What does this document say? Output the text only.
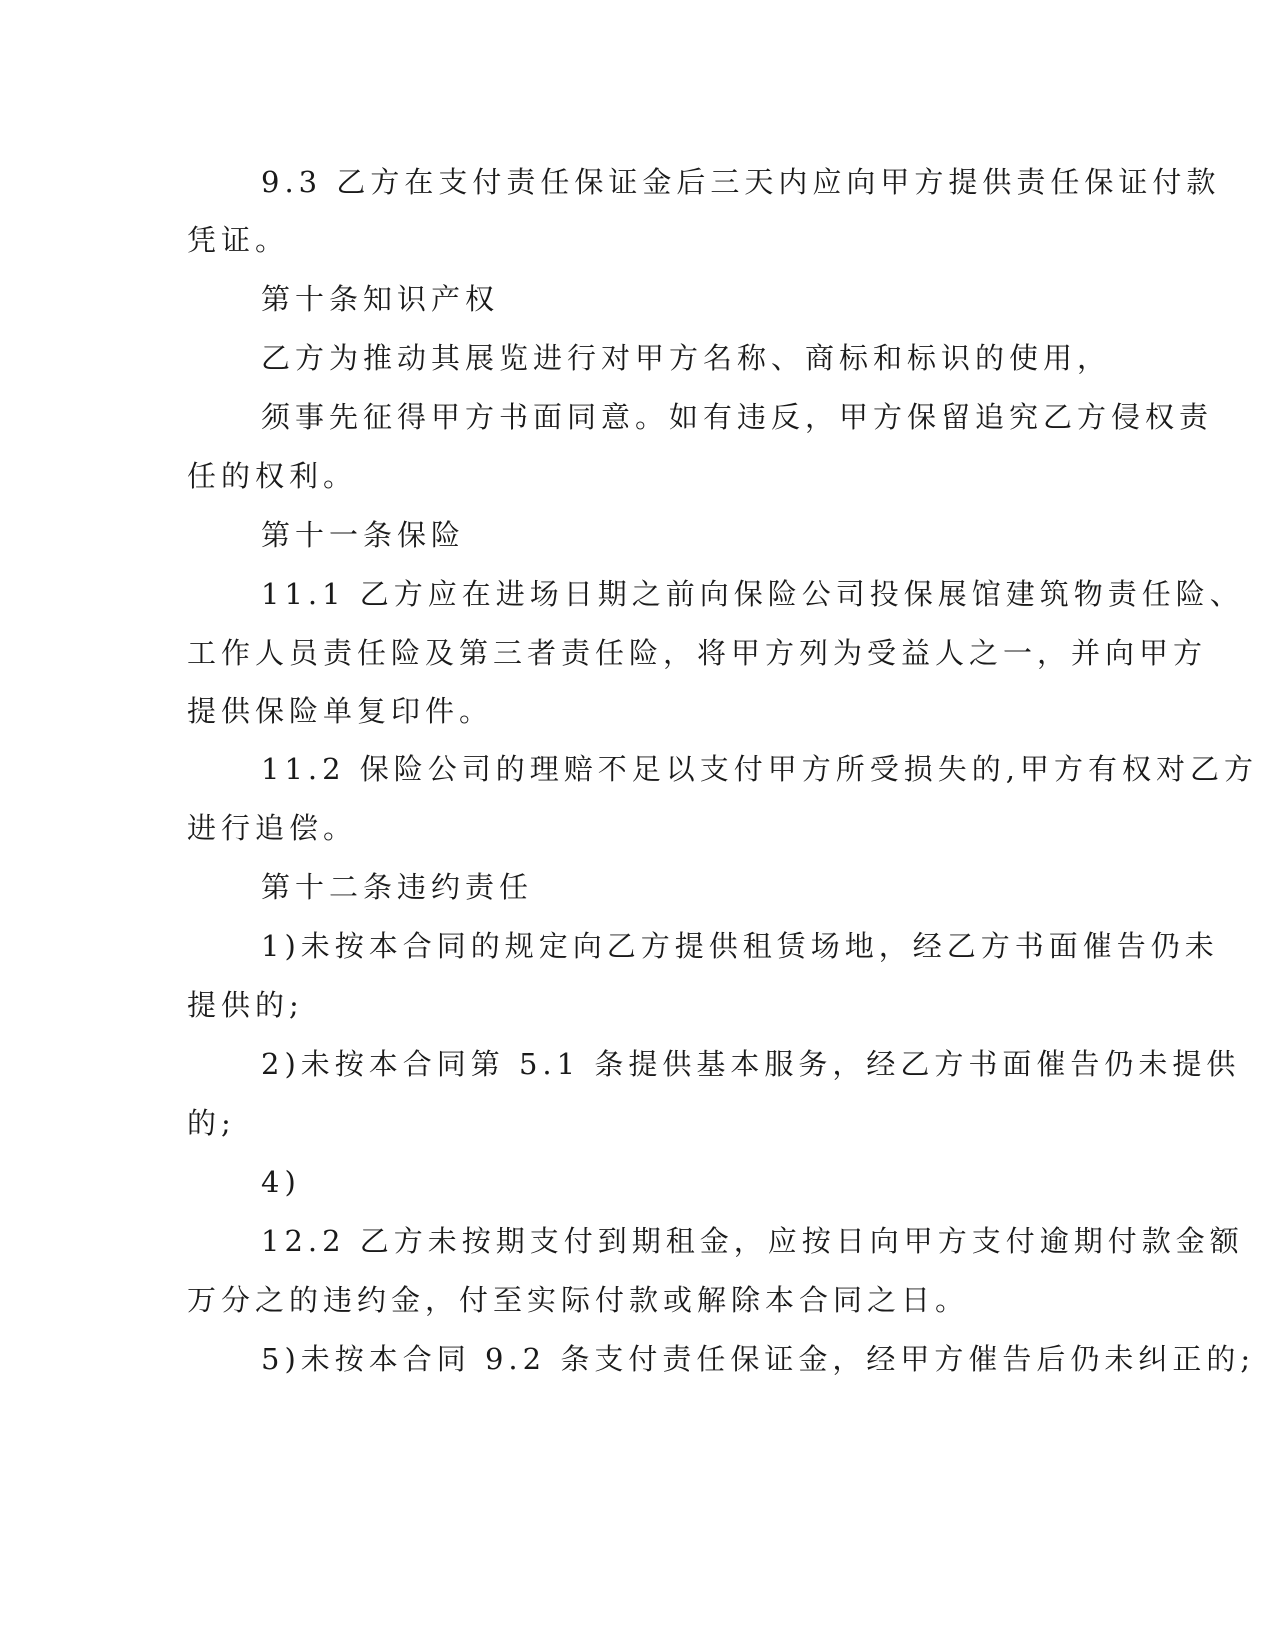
9.3 乙方在支付责任保证金后三天内应向甲方提供责任保证付款
凭证。
第十条知识产权
乙方为推动其展览进行对甲方名称、商标和标识的使用，
须事先征得甲方书面同意。如有违反，甲方保留追究乙方侵权责
任的权利。
第十一条保险
11.1 乙方应在进场日期之前向保险公司投保展馆建筑物责任险、
工作人员责任险及第三者责任险，将甲方列为受益人之一，并向甲方
提供保险单复印件。
11.2 保险公司的理赔不足以支付甲方所受损失的,甲方有权对乙方
进行追偿。
第十二条违约责任
1)未按本合同的规定向乙方提供租赁场地，经乙方书面催告仍未
提供的;
2)未按本合同第 5.1 条提供基本服务，经乙方书面催告仍未提供
的;
4)
12.2 乙方未按期支付到期租金，应按日向甲方支付逾期付款金额
万分之的违约金，付至实际付款或解除本合同之日。
5)未按本合同 9.2 条支付责任保证金，经甲方催告后仍未纠正的;
